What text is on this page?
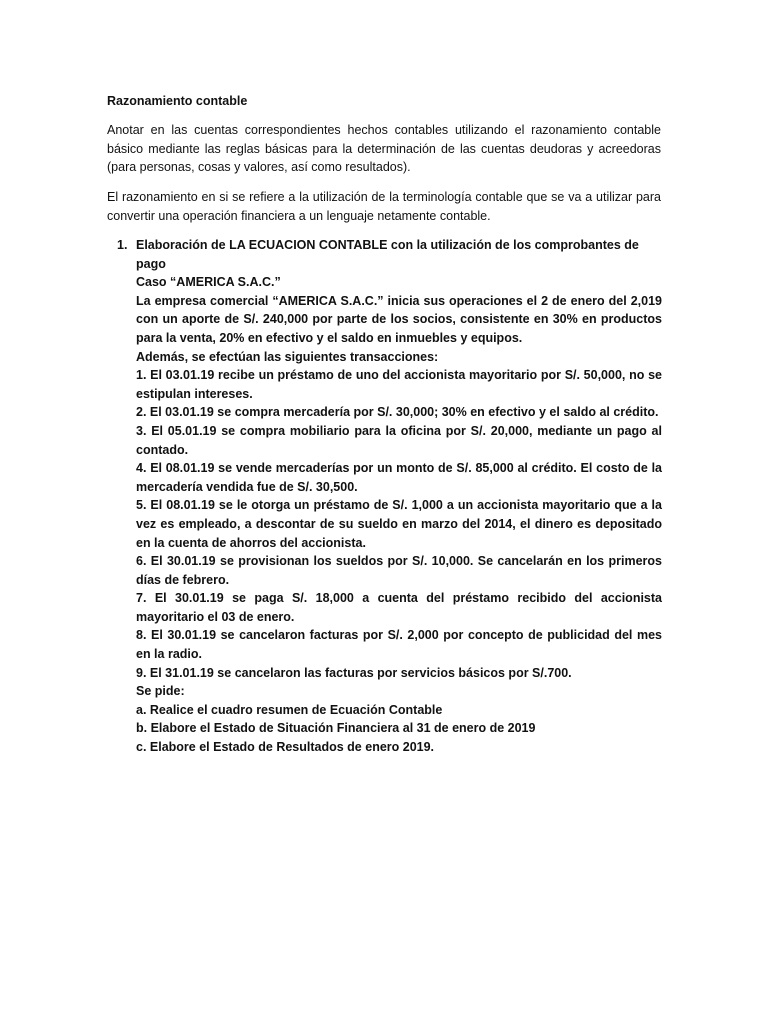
Razonamiento contable
Anotar en las cuentas correspondientes hechos contables utilizando el razonamiento contable básico mediante las reglas básicas para la determinación de las cuentas deudoras y acreedoras (para personas, cosas y valores, así como resultados).
El razonamiento en si se refiere a la utilización de la terminología contable que se va a utilizar para convertir una operación financiera a un lenguaje netamente contable.
1. Elaboración de LA ECUACION CONTABLE con la utilización de los comprobantes de pago
Caso “AMERICA S.A.C.”
La empresa comercial “AMERICA S.A.C.” inicia sus operaciones el 2 de enero del 2,019 con un aporte de S/. 240,000 por parte de los socios, consistente en 30% en productos para la venta, 20% en efectivo y el saldo en inmuebles y equipos.
Además, se efectúan las siguientes transacciones:
1. El 03.01.19 recibe un préstamo de uno del accionista mayoritario por S/. 50,000, no se estipulan intereses.
2. El 03.01.19 se compra mercadería por S/. 30,000; 30% en efectivo y el saldo al crédito.
3. El 05.01.19 se compra mobiliario para la oficina por S/. 20,000, mediante un pago al contado.
4. El 08.01.19 se vende mercaderías por un monto de S/. 85,000 al crédito. El costo de la mercadería vendida fue de S/. 30,500.
5. El 08.01.19 se le otorga un préstamo de S/. 1,000 a un accionista mayoritario que a la vez es empleado, a descontar de su sueldo en marzo del 2014, el dinero es depositado en la cuenta de ahorros del accionista.
6. El 30.01.19 se provisionan los sueldos por S/. 10,000. Se cancelarán en los primeros días de febrero.
7. El 30.01.19 se paga S/. 18,000 a cuenta del préstamo recibido del accionista mayoritario el 03 de enero.
8. El 30.01.19 se cancelaron facturas por S/. 2,000 por concepto de publicidad del mes en la radio.
9. El 31.01.19 se cancelaron las facturas por servicios básicos por S/.700.
Se pide:
a. Realice el cuadro resumen de Ecuación Contable
b. Elabore el Estado de Situación Financiera al 31 de enero de 2019
c. Elabore el Estado de Resultados de enero 2019.
